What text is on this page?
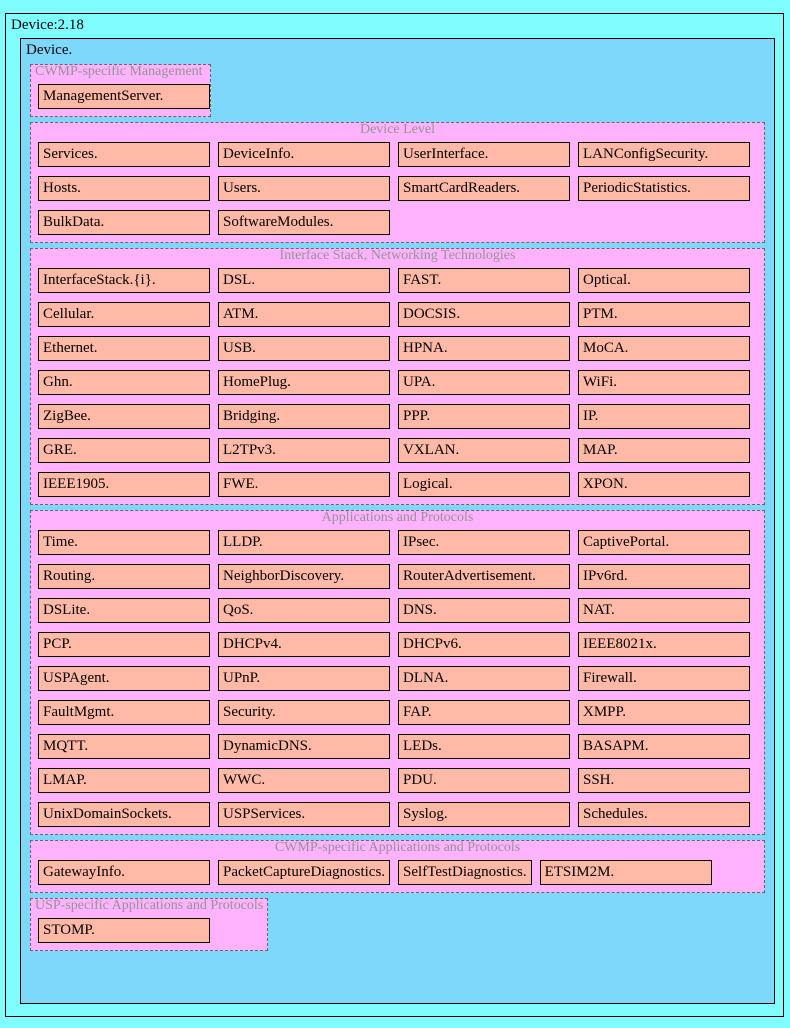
Device:2.18
Device.
CWMP-specific Management
ManagementServer.
Device Level
Services.	DeviceInfo.	UserInterface.	LANConfigSecurity.
Hosts.	Users.	SmartCardReaders.	PeriodicStatistics.
BulkData.	SoftwareModules.
Interface Stack, Networking Technologies
InterfaceStack.{i}.	DSL.	FAST.	Optical.
Cellular.	ATM.	DOCSIS.	PTM.
Ethernet.	USB.	HPNA.	MoCA.
Ghn.	HomePlug.	UPA.	WiFi.
ZigBee.	Bridging.	PPP.	IP.
GRE.	L2TPv3.	VXLAN.	MAP.
IEEE1905.	FWE.	Logical.	XPON.
Applications and Protocols
Time.	LLDP.	IPsec.	CaptivePortal.
Routing.	NeighborDiscovery.	RouterAdvertisement.	IPv6rd.
DSLite.	QoS.	DNS.	NAT.
PCP.	DHCPv4.	DHCPv6.	IEEE8021x.
USPAgent.	UPnP.	DLNA.	Firewall.
FaultMgmt.	Security.	FAP.	XMPP.
MQTT.	DynamicDNS.	LEDs.	BASAPM.
LMAP.	WWC.	PDU.	SSH.
UnixDomainSockets.	USPServices.	Syslog.	Schedules.
CWMP-specific Applications and Protocols
GatewayInfo.	PacketCaptureDiagnostics.	SelfTestDiagnostics.	ETSIM2M.
USP-specific Applications and Protocols
STOMP.
